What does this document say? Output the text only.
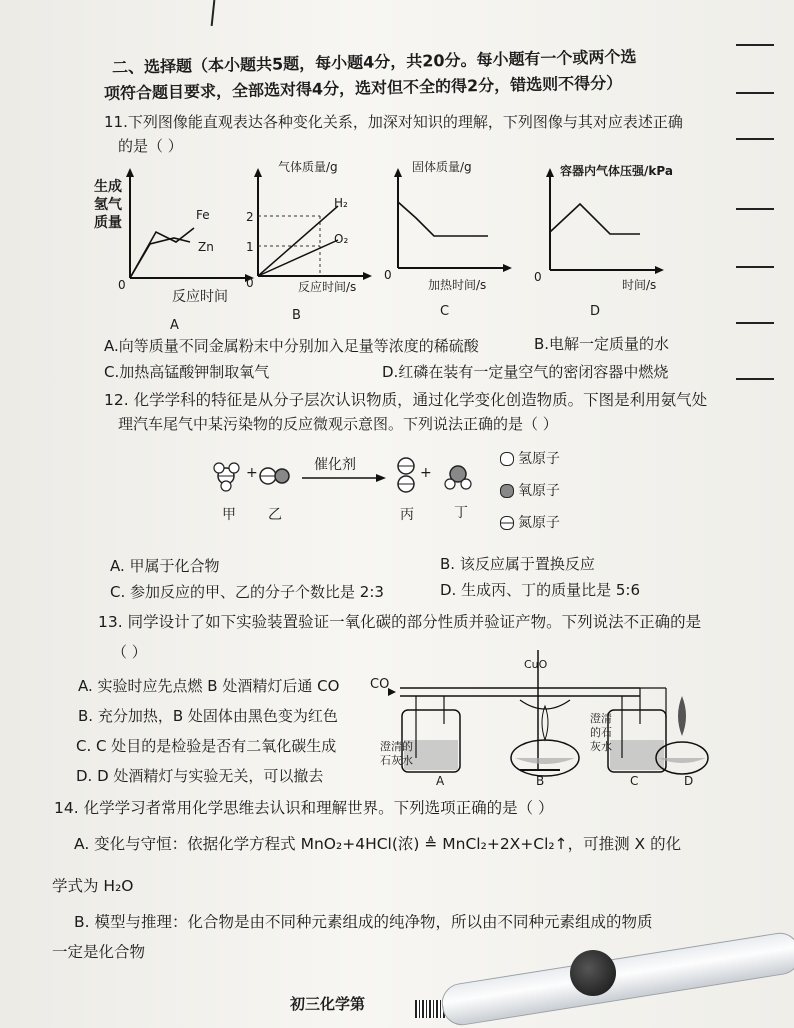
二、选择题（本小题共5题，每小题4分，共20分。每小题有一个或两个选
项符合题目要求，全部选对得4分，选对但不全的得2分，错选则不得分）
11.下列图像能直观表达各种变化关系，加深对知识的理解，下列图像与其对应表述正确
的是（ ）
生成
氢气
质量	Fe
Zn
0
反应时间
A
气体质量/g
2
1
H₂
O₂
0	反应时间/s
B
固体质量/g
0
加热时间/s
C
容器内气体压强/kPa
0
时间/s
D
A.向等质量不同金属粉末中分别加入足量等浓度的稀硫酸	B.电解一定质量的水
C.加热高锰酸钾制取氧气	D.红磷在装有一定量空气的密闭容器中燃烧
12. 化学学科的特征是从分子层次认识物质，通过化学变化创造物质。下图是利用氨气处
理汽车尾气中某污染物的反应微观示意图。下列说法正确的是（ ）
+	+
催化剂
甲 乙	丙	丁
氢原子
氧原子
氮原子
A. 甲属于化合物	B. 该反应属于置换反应
C. 参加反应的甲、乙的分子个数比是 2:3	D. 生成丙、丁的质量比是 5:6
13. 同学设计了如下实验装置验证一氧化碳的部分性质并验证产物。下列说法不正确的是
（ ）
A. 实验时应先点燃 B 处酒精灯后通 CO
B. 充分加热，B 处固体由黑色变为红色
C. C 处目的是检验是否有二氧化碳生成
D. D 处酒精灯与实验无关，可以撤去
CO
CuO
澄清的
石灰水
澄清
的石
灰水
A	B	C	D
14. 化学学习者常用化学思维去认识和理解世界。下列选项正确的是（ ）
A. 变化与守恒：依据化学方程式 MnO₂+4HCl(浓) ≜ MnCl₂+2X+Cl₂↑，可推测 X 的化
学式为 H₂O
B. 模型与推理：化合物是由不同种元素组成的纯净物，所以由不同种元素组成的物质
一定是化合物
初三化学第
